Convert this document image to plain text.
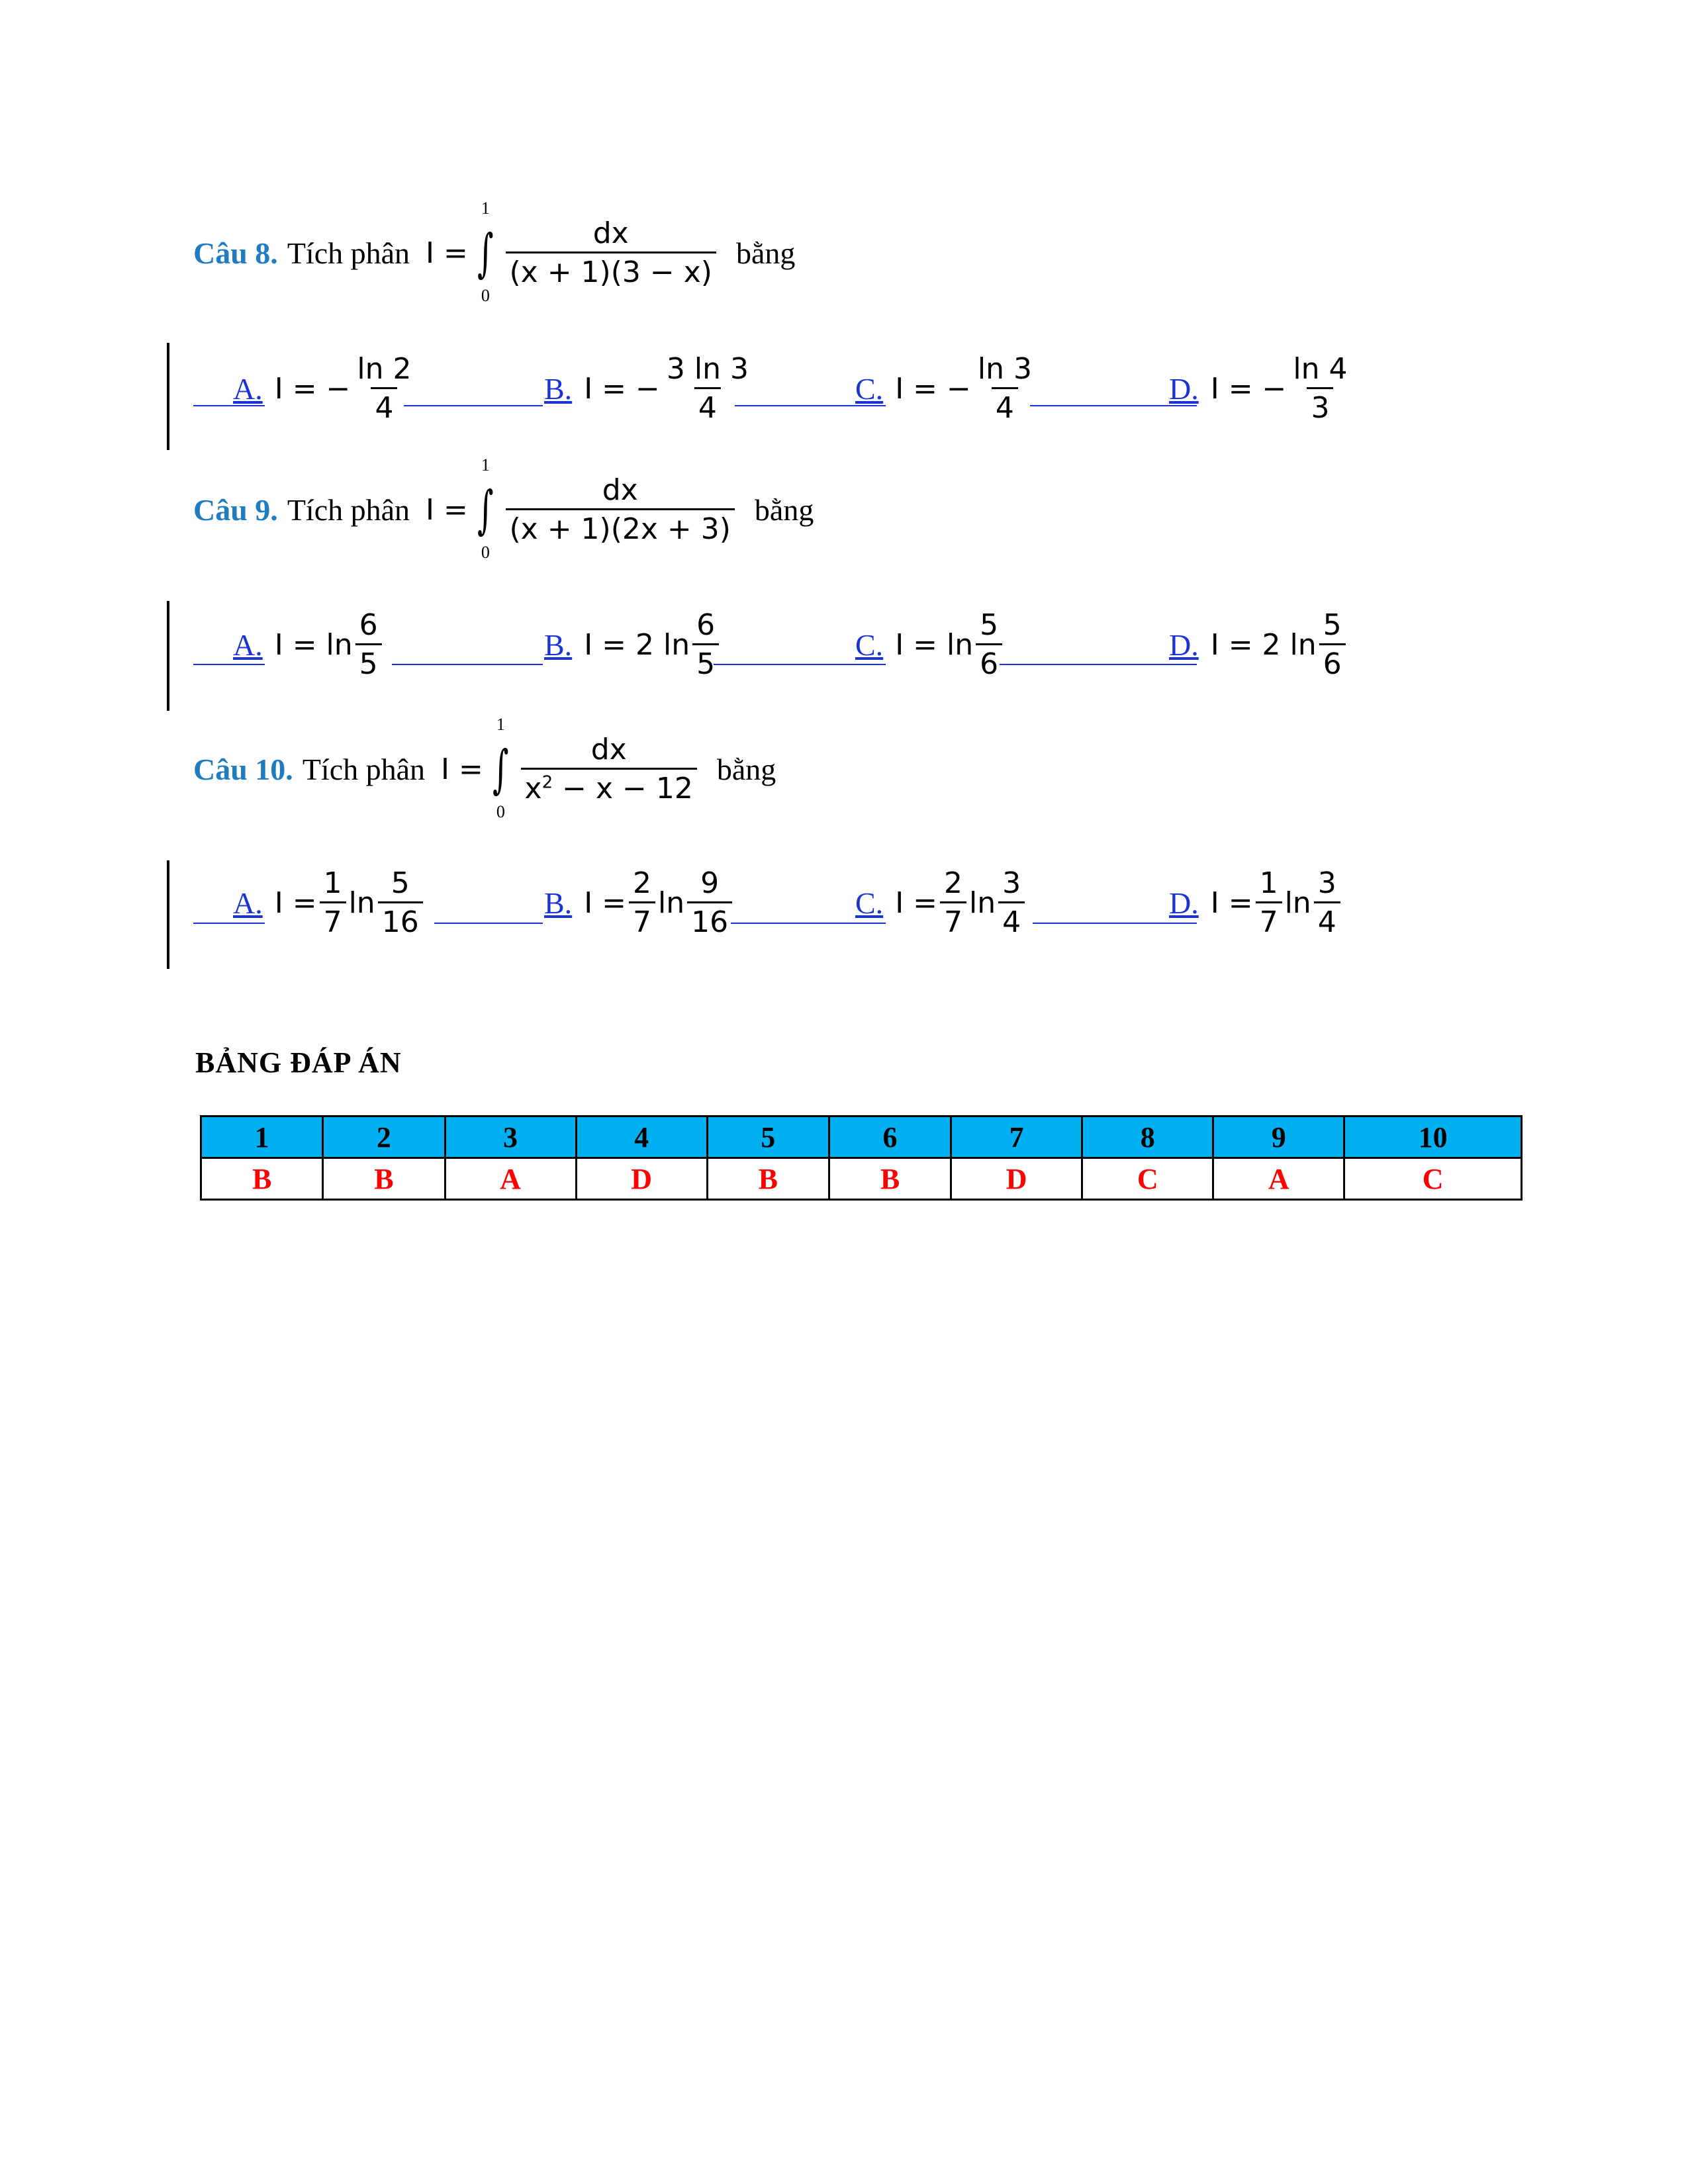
Câu 8. Tích phân I = ∫
1
0
$\frac{dx}{(x + 1)(3 - x)}$ bằng
A. I = − $\frac{\ln 2}{4}$	B. I = − $\frac{3 \ln 3}{4}$	C. I = − $\frac{\ln 3}{4}$	D. I = − $\frac{\ln 4}{3}$
Câu 9. Tích phân I = ∫
1
0
$\frac{dx}{(x + 1)(2x + 3)}$ bằng
A. $I = \ln \frac{6}{5}$	B. I = 2 $\ln \frac{6}{5}$	C. $I = \ln \frac{5}{6}$	D. I = 2 $\ln \frac{5}{6}$
Câu 10. Tích phân I = ∫
1
0
$\frac{dx}{x^2 - x - 12}$ bằng
A. $I = \frac{1}{7}$ $\ln \frac{5}{16}$	B. $I = \frac{2}{7}$ $\ln \frac{9}{16}$	C. $I = \frac{2}{7}$ $\ln \frac{3}{4}$	D. $I = \frac{1}{7}$ $\ln \frac{3}{4}$
BẢNG ĐÁP ÁN
1	2	3	4	5	6	7	8	9	10
B	B	A	D	B	B	D	C	A	C
